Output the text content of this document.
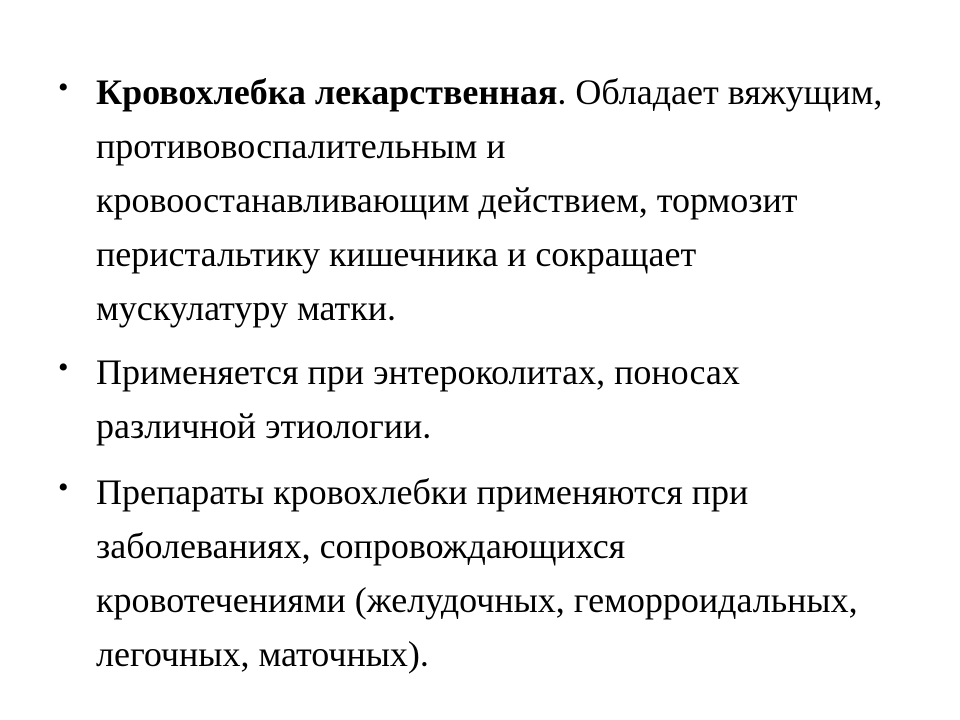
• Кровохлебка лекарственная. Обладает вяжущим, противовоспалительным и кровоостанавливающим действием, тормозит перистальтику кишечника и сокращает мускулатуру матки.
• Применяется при энтероколитах, поносах различной этиологии.
• Препараты кровохлебки применяются при заболеваниях, сопровождающихся кровотечениями (желудочных, геморроидальных, легочных, маточных).
